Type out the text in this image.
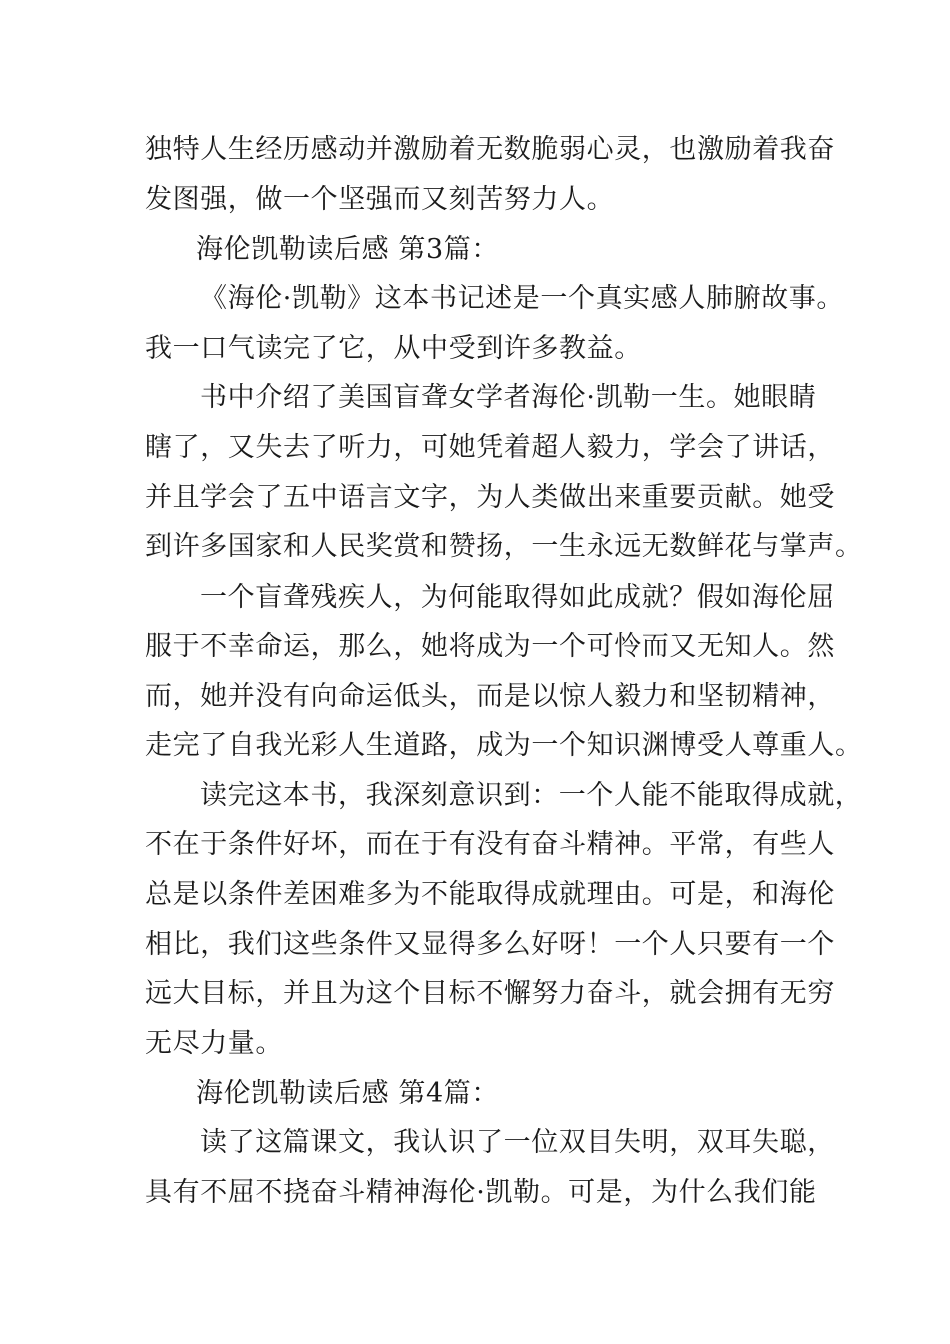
独特人生经历感动并激励着无数脆弱心灵，也激励着我奋
发图强，做一个坚强而又刻苦努力人。
海伦凯勒读后感 第3篇：
《海伦·凯勒》这本书记述是一个真实感人肺腑故事。
我一口气读完了它，从中受到许多教益。
书中介绍了美国盲聋女学者海伦·凯勒一生。她眼睛
瞎了，又失去了听力，可她凭着超人毅力，学会了讲话，
并且学会了五中语言文字，为人类做出来重要贡献。她受
到许多国家和人民奖赏和赞扬，一生永远无数鲜花与掌声。
一个盲聋残疾人，为何能取得如此成就？假如海伦屈
服于不幸命运，那么，她将成为一个可怜而又无知人。然
而，她并没有向命运低头，而是以惊人毅力和坚韧精神，
走完了自我光彩人生道路，成为一个知识渊博受人尊重人。
读完这本书，我深刻意识到：一个人能不能取得成就，
不在于条件好坏，而在于有没有奋斗精神。平常，有些人
总是以条件差困难多为不能取得成就理由。可是，和海伦
相比，我们这些条件又显得多么好呀！一个人只要有一个
远大目标，并且为这个目标不懈努力奋斗，就会拥有无穷
无尽力量。
海伦凯勒读后感 第4篇：
读了这篇课文，我认识了一位双目失明，双耳失聪，
具有不屈不挠奋斗精神海伦·凯勒。可是，为什么我们能
